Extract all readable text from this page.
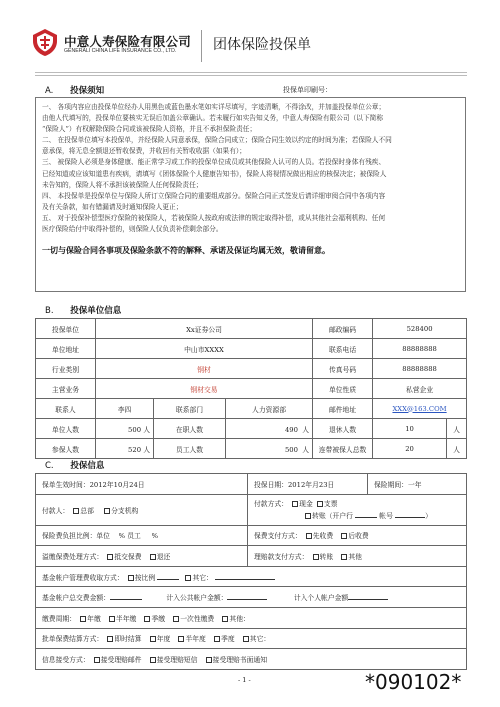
中意人寿保险有限公司
GENERALI CHINA LIFE INSURANCE CO., LTD.	团体保险投保单
A. 投保须知	投保单印刷号：

一、 各项内容应由投保单位经办人用黑色或蓝色墨水笔如实详尽填写，字迹清晰，不得涂改，并加盖投保单位公章；

由他人代填写的，投保单位要核实无误后加盖公章确认。若未履行如实告知义务，中意人寿保险有限公司（以下简称

“保险人”）有权解除保险合同或该被保险人资格，并且不承担保险责任；

二、 在投保单位填写本投保单，并经保险人同意承保，保险合同成立；保险合同生效以约定的时间为准；若保险人不同

意承保，将无息全额退还暂收保费，并收回有关暂收收据（如果有）；

三、 被保险人必须是身体健康、能正常学习或工作的投保单位成员或其他保险人认可的人员。若投保时身体有残疾、

已经知道或应该知道患有疾病，请填写《团体保险个人健康告知书》，保险人将视情况做出相应的核保决定；被保险人

未告知的，保险人将不承担该被保险人任何保险责任；

四、 本投保单是投保单位与保险人所订立保险合同的重要组成部分。保险合同正式签发后请详细审阅合同中各项内容

及有关条款，如有错漏请及时通知保险人更正；

五、 对于投保补偿型医疗保险的被保险人，若被保险人按政府或法律的规定取得补偿，或从其他社会福利机构、任何

医疗保险给付中取得补偿的，则保险人仅负责补偿剩余部分。

一切与保险合同各事项及保险条款不符的解释、承诺及保证均属无效，敬请留意。

B. 投保单位信息
投保单位	Xx证券公司			邮政编码	528400	
单位地址	中山市XXXX			联系电话	88888888	
行业类别	钢材			传真号码	88888888	
主营业务	钢材交易			单位性质	私营企业	
联系人	李四	联系部门	人力资源部	邮件地址	XXX@163.COM	
单位人数	500 人	在职人数	490 人	退休人数	10	人
参保人数	520 人	员工人数	500 人	连带被保人总数	20	人
C. 投保信息
保单生效时间：2012年10月24日	投保日期：2012年月23日	保险期间：一年
付款人： 总部 分支机构	付款方式： 现金 支票
转账（开户行 帐号 ）	
保险费负担比例：单位 % 员工 %	保费支付方式： 先收费 后收费	
溢缴保费处理方式： 抵交保费 退还	理赔款支付方式： 转账 其他	
基金帐户管理费收取方式： 按比例 其它：		
基金帐户总交费金额： 计入公共帐户金额： 计入个人帐户金额		
缴费周期： 年缴 半年缴 季缴 一次性缴费 其他：		
批单保费结算方式： 即时结算 年度 半年度 季度 其它：		
信息接受方式： 接受理赔邮件 接受理赔短信 接受理赔书面通知		
- 1 -	*090102*
